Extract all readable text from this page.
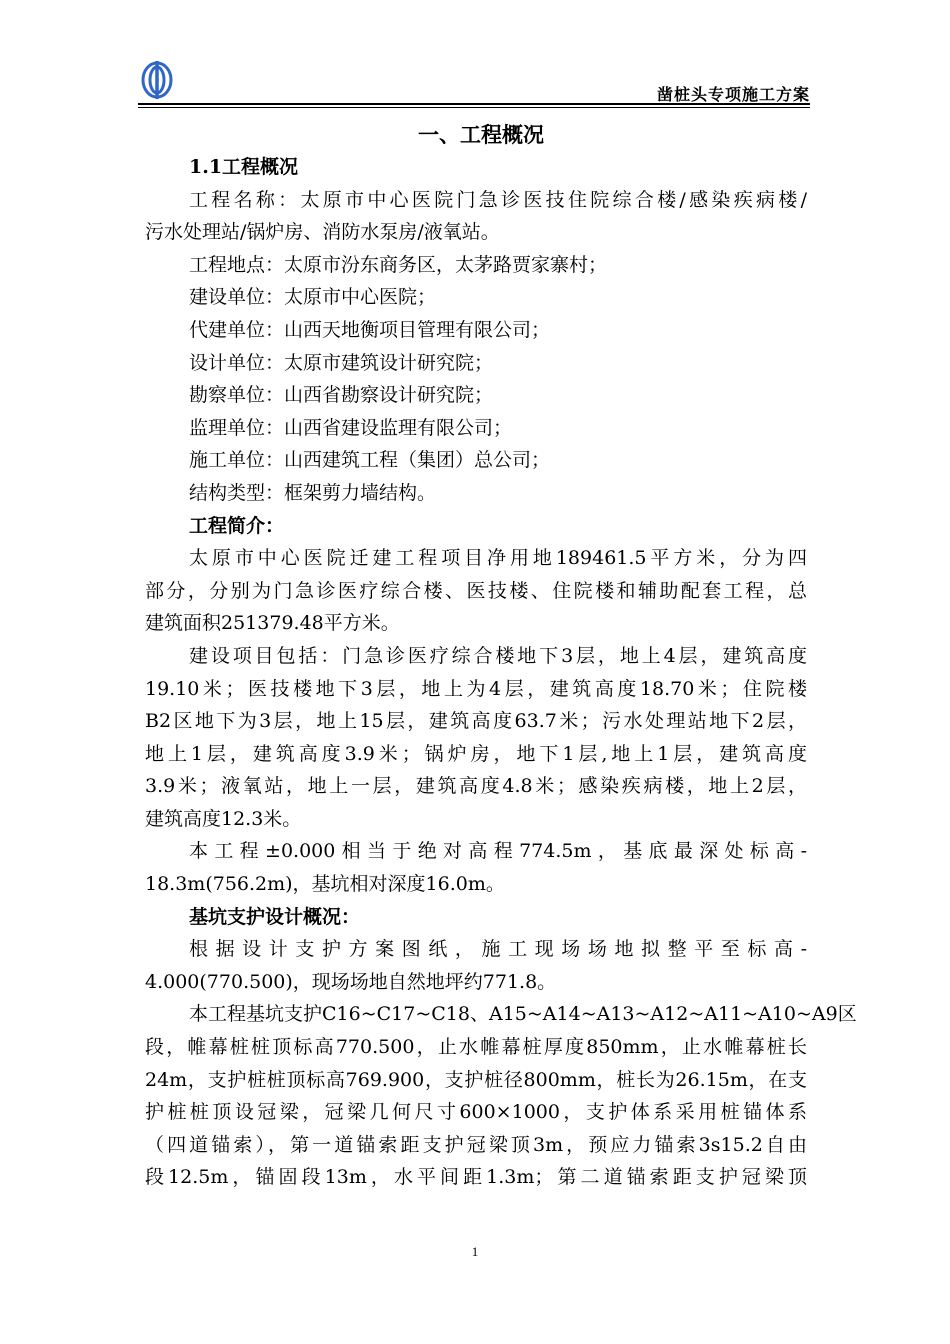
凿桩头专项施工方案
一、工程概况
1.1工程概况
工程名称：太原市中心医院门急诊医技住院综合楼/感染疾病楼/
污水处理站/锅炉房、消防水泵房/液氧站。
工程地点：太原市汾东商务区，太茅路贾家寨村；
建设单位：太原市中心医院；
代建单位：山西天地衡项目管理有限公司；
设计单位：太原市建筑设计研究院；
勘察单位：山西省勘察设计研究院；
监理单位：山西省建设监理有限公司；
施工单位：山西建筑工程（集团）总公司；
结构类型：框架剪力墙结构。
工程简介：
太原市中心医院迁建工程项目净用地189461.5平方米，分为四
部分，分别为门急诊医疗综合楼、医技楼、住院楼和辅助配套工程，总
建筑面积251379.48平方米。
建设项目包括：门急诊医疗综合楼地下3层，地上4层，建筑高度
19.10米；医技楼地下3层，地上为4层，建筑高度18.70米；住院楼
B2区地下为3层，地上15层，建筑高度63.7米；污水处理站地下2层，
地上1层，建筑高度3.9米；锅炉房，地下1层,地上1层，建筑高度
3.9米；液氧站，地上一层，建筑高度4.8米；感染疾病楼，地上2层，
建筑高度12.3米。
本工程±0.000相当于绝对高程774.5m，基底最深处标高-
18.3m(756.2m)，基坑相对深度16.0m。
基坑支护设计概况：
根据设计支护方案图纸，施工现场场地拟整平至标高-
4.000(770.500)，现场场地自然地坪约771.8。
本工程基坑支护C16~C17~C18、A15~A14~A13~A12~A11~A10~A9区
段，帷幕桩桩顶标高770.500，止水帷幕桩厚度850mm，止水帷幕桩长
24m，支护桩桩顶标高769.900，支护桩径800mm，桩长为26.15m，在支
护桩桩顶设冠梁，冠梁几何尺寸600×1000，支护体系采用桩锚体系
（四道锚索），第一道锚索距支护冠梁顶3m，预应力锚索3s15.2自由
段12.5m，锚固段13m，水平间距1.3m；第二道锚索距支护冠梁顶
1
